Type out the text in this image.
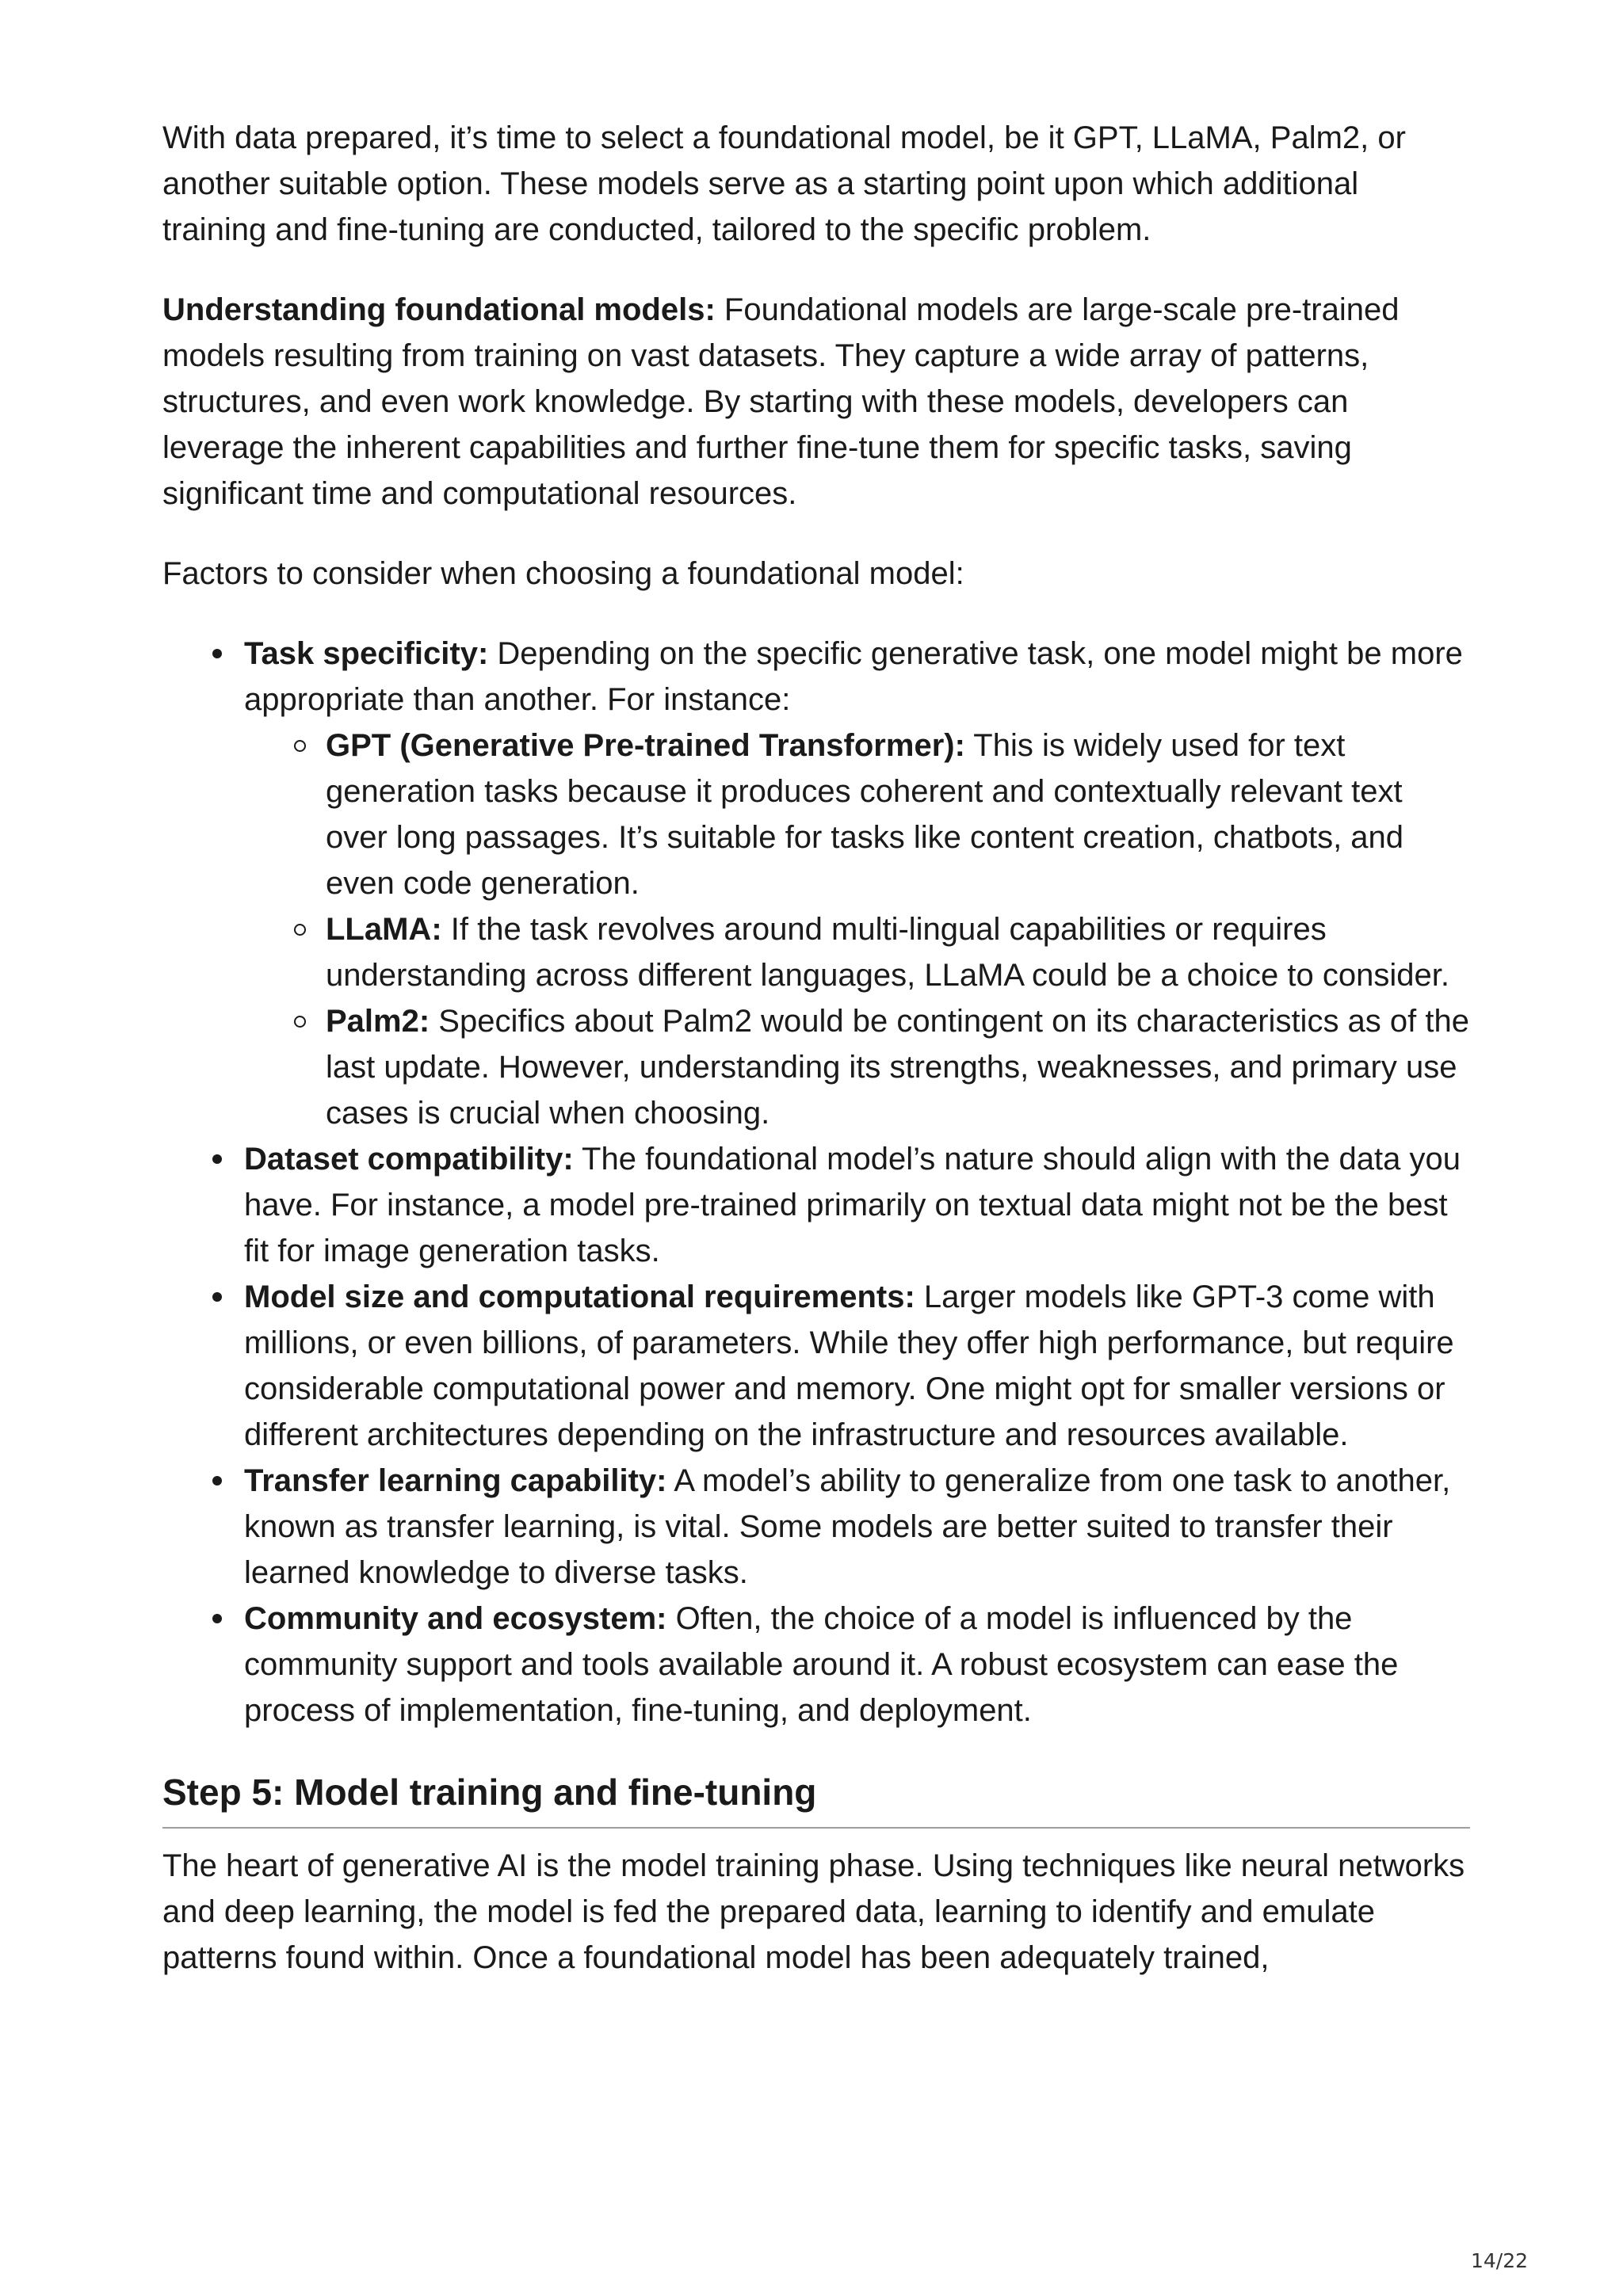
With data prepared, it’s time to select a foundational model, be it GPT, LLaMA, Palm2, or another suitable option. These models serve as a starting point upon which additional training and fine-tuning are conducted, tailored to the specific problem.

Understanding foundational models: Foundational models are large-scale pre-trained models resulting from training on vast datasets. They capture a wide array of patterns, structures, and even work knowledge. By starting with these models, developers can leverage the inherent capabilities and further fine-tune them for specific tasks, saving significant time and computational resources.

Factors to consider when choosing a foundational model:

Task specificity: Depending on the specific generative task, one model might be more appropriate than another. For instance:
GPT (Generative Pre-trained Transformer): This is widely used for text generation tasks because it produces coherent and contextually relevant text over long passages. It’s suitable for tasks like content creation, chatbots, and even code generation.
LLaMA: If the task revolves around multi-lingual capabilities or requires understanding across different languages, LLaMA could be a choice to consider.
Palm2: Specifics about Palm2 would be contingent on its characteristics as of the last update. However, understanding its strengths, weaknesses, and primary use cases is crucial when choosing.
Dataset compatibility: The foundational model’s nature should align with the data you have. For instance, a model pre-trained primarily on textual data might not be the best fit for image generation tasks.
Model size and computational requirements: Larger models like GPT-3 come with millions, or even billions, of parameters. While they offer high performance, but require considerable computational power and memory. One might opt for smaller versions or different architectures depending on the infrastructure and resources available.
Transfer learning capability: A model’s ability to generalize from one task to another, known as transfer learning, is vital. Some models are better suited to transfer their learned knowledge to diverse tasks.
Community and ecosystem: Often, the choice of a model is influenced by the community support and tools available around it. A robust ecosystem can ease the process of implementation, fine-tuning, and deployment.
Step 5: Model training and fine-tuning

The heart of generative AI is the model training phase. Using techniques like neural networks and deep learning, the model is fed the prepared data, learning to identify and emulate patterns found within. Once a foundational model has been adequately trained,

14/22
